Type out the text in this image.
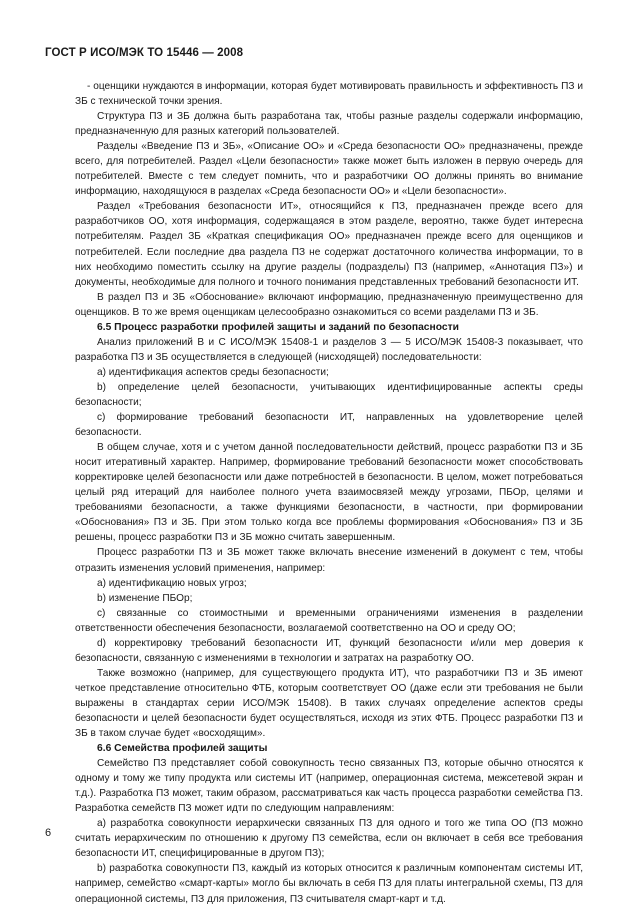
ГОСТ Р ИСО/МЭК ТО 15446 — 2008

- оценщики нуждаются в информации, которая будет мотивировать правильность и эффективность ПЗ и ЗБ с технической точки зрения.

Структура ПЗ и ЗБ должна быть разработана так, чтобы разные разделы содержали информацию, предназначенную для разных категорий пользователей.

Разделы «Введение ПЗ и ЗБ», «Описание ОО» и «Среда безопасности ОО» предназначены, прежде всего, для потребителей. Раздел «Цели безопасности» также может быть изложен в первую очередь для потребителей. Вместе с тем следует помнить, что и разработчики ОО должны принять во внимание информацию, находящуюся в разделах «Среда безопасности ОО» и «Цели безопасности».

Раздел «Требования безопасности ИТ», относящийся к ПЗ, предназначен прежде всего для разработчиков ОО, хотя информация, содержащаяся в этом разделе, вероятно, также будет интересна потребителям. Раздел ЗБ «Краткая спецификация ОО» предназначен прежде всего для оценщиков и потребителей. Если последние два раздела ПЗ не содержат достаточного количества информации, то в них необходимо поместить ссылку на другие разделы (подразделы) ПЗ (например, «Аннотация ПЗ») и документы, необходимые для полного и точного понимания представленных требований безопасности ИТ.

В раздел ПЗ и ЗБ «Обоснование» включают информацию, предназначенную преимущественно для оценщиков. В то же время оценщикам целесообразно ознакомиться со всеми разделами ПЗ и ЗБ.

6.5 Процесс разработки профилей защиты и заданий по безопасности

Анализ приложений В и С ИСО/МЭК 15408-1 и разделов 3 — 5 ИСО/МЭК 15408-3 показывает, что разработка ПЗ и ЗБ осуществляется в следующей (нисходящей) последовательности:

а) идентификация аспектов среды безопасности;

b) определение целей безопасности, учитывающих идентифицированные аспекты среды безопасности;

с) формирование требований безопасности ИТ, направленных на удовлетворение целей безопасности.

В общем случае, хотя и с учетом данной последовательности действий, процесс разработки ПЗ и ЗБ носит итеративный характер. Например, формирование требований безопасности может способствовать корректировке целей безопасности или даже потребностей в безопасности. В целом, может потребоваться целый ряд итераций для наиболее полного учета взаимосвязей между угрозами, ПБОр, целями и требованиями безопасности, а также функциями безопасности, в частности, при формировании «Обоснования» ПЗ и ЗБ. При этом только когда все проблемы формирования «Обоснования» ПЗ и ЗБ решены, процесс разработки ПЗ и ЗБ можно считать завершенным.

Процесс разработки ПЗ и ЗБ может также включать внесение изменений в документ с тем, чтобы отразить изменения условий применения, например:

а) идентификацию новых угроз;

b) изменение ПБОр;

с) связанные со стоимостными и временными ограничениями изменения в разделении ответственности обеспечения безопасности, возлагаемой соответственно на ОО и среду ОО;

d) корректировку требований безопасности ИТ, функций безопасности и/или мер доверия к безопасности, связанную с изменениями в технологии и затратах на разработку ОО.

Также возможно (например, для существующего продукта ИТ), что разработчики ПЗ и ЗБ имеют четкое представление относительно ФТБ, которым соответствует ОО (даже если эти требования не были выражены в стандартах серии ИСО/МЭК 15408). В таких случаях определение аспектов среды безопасности и целей безопасности будет осуществляться, исходя из этих ФТБ. Процесс разработки ПЗ и ЗБ в таком случае будет «восходящим».

6.6 Семейства профилей защиты

Семейство ПЗ представляет собой совокупность тесно связанных ПЗ, которые обычно относятся к одному и тому же типу продукта или системы ИТ (например, операционная система, межсетевой экран и т.д.). Разработка ПЗ может, таким образом, рассматриваться как часть процесса разработки семейства ПЗ. Разработка семейств ПЗ может идти по следующим направлениям:

а) разработка совокупности иерархически связанных ПЗ для одного и того же типа ОО (ПЗ можно считать иерархическим по отношению к другому ПЗ семейства, если он включает в себя все требования безопасности ИТ, специфицированные в другом ПЗ);

b) разработка совокупности ПЗ, каждый из которых относится к различным компонентам системы ИТ, например, семейство «смарт-карты» могло бы включать в себя ПЗ для платы интегральной схемы, ПЗ для операционной системы, ПЗ для приложения, ПЗ считывателя смарт-карт и т.д.

6
